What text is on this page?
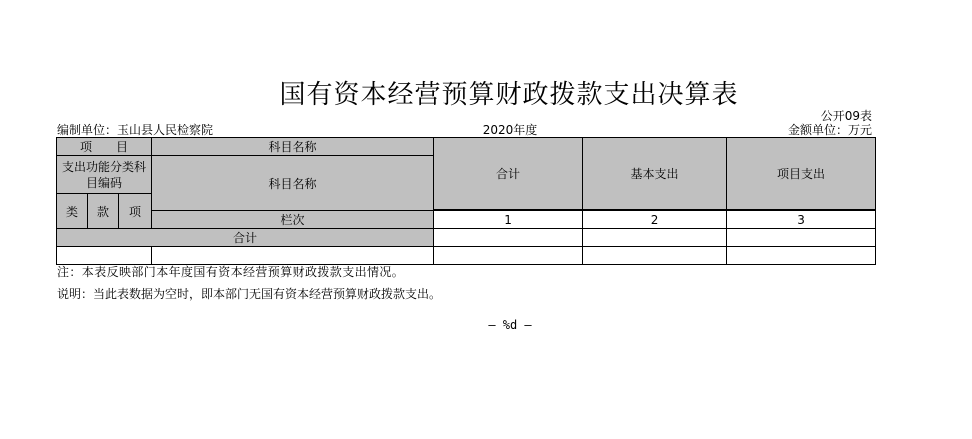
国有资本经营预算财政拨款支出决算表
公开09表
编制单位：玉山县人民检察院	2020年度	金额单位：万元
项　　目			科目名称	合计	基本支出	项目支出
支出功能分类科目编码			科目名称			
类	款	项				

			栏次	1	2	3
合计						

注：本表反映部门本年度国有资本经营预算财政拨款支出情况。
说明：当此表数据为空时，即本部门无国有资本经营预算财政拨款支出。
— %d —
